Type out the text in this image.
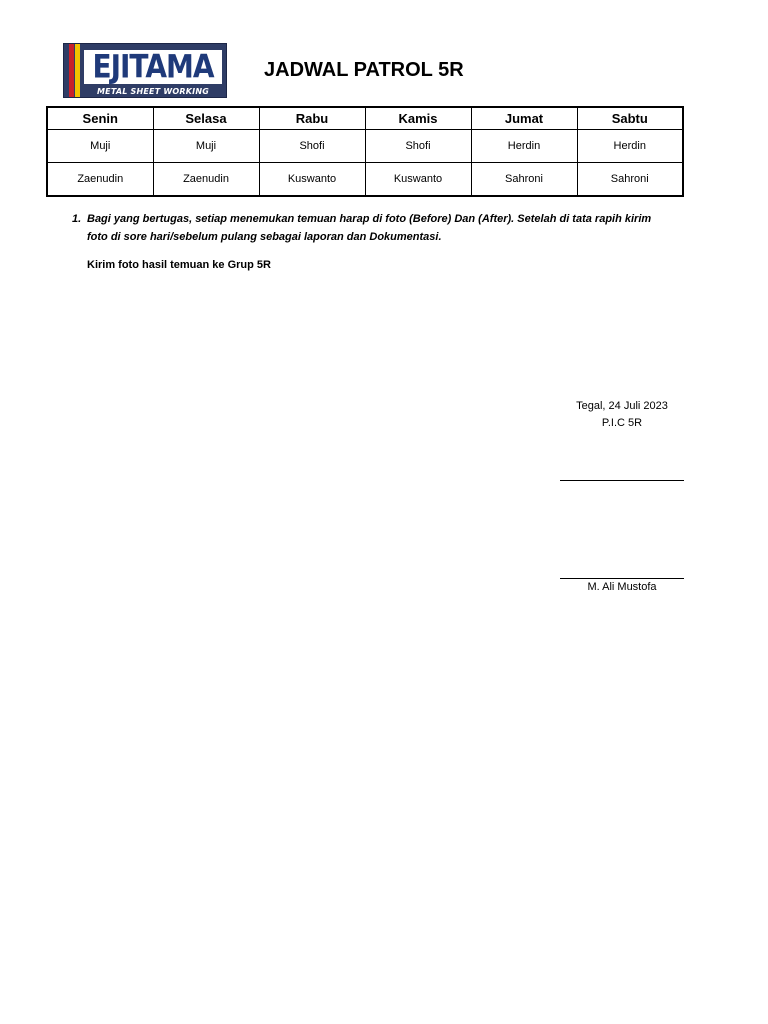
EJITAMA
METAL SHEET WORKING
JADWAL PATROL 5R
Senin	Selasa	Rabu	Kamis	Jumat	Sabtu
Muji	Muji	Shofi	Shofi	Herdin	Herdin
Zaenudin	Zaenudin	Kuswanto	Kuswanto	Sahroni	Sahroni
1. Bagi yang bertugas, setiap menemukan temuan harap di foto (Before) Dan (After). Setelah di tata rapih kirim foto di sore hari/sebelum pulang sebagai laporan dan Dokumentasi.
Kirim foto hasil temuan ke Grup 5R
Tegal, 24 Juli 2023
P.I.C 5R
M. Ali Mustofa
